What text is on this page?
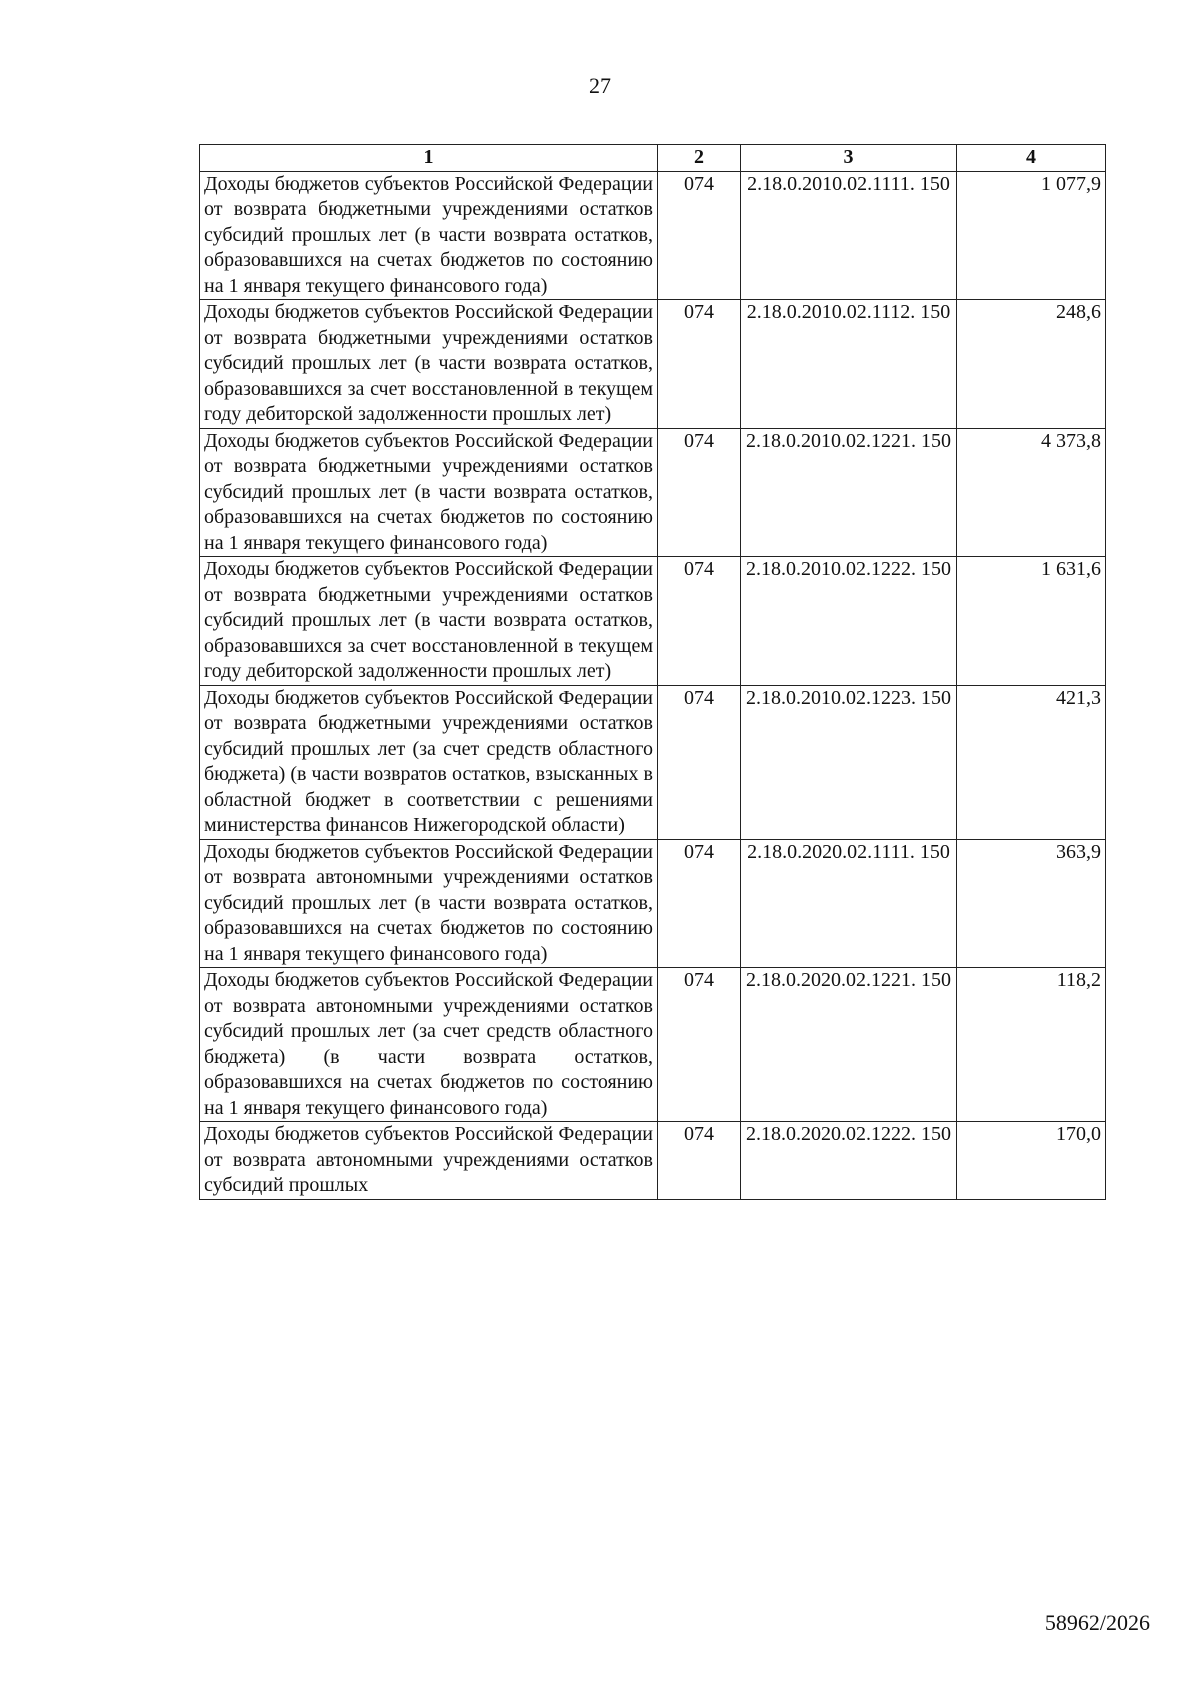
27
1	2	3	4
Доходы бюджетов субъектов Российской Федерации от возврата бюджетными учреждениями остатков субсидий прошлых лет (в части возврата остатков, образовавшихся на счетах бюджетов по состоянию на 1 января текущего финансового года)	074	2.18.0.2010.02.1111. 150	1 077,9
Доходы бюджетов субъектов Российской Федерации от возврата бюджетными учреждениями остатков субсидий прошлых лет (в части возврата остатков, образовавшихся за счет восстановленной в текущем году дебиторской задолженности прошлых лет)	074	2.18.0.2010.02.1112. 150	248,6
Доходы бюджетов субъектов Российской Федерации от возврата бюджетными учреждениями остатков субсидий прошлых лет (в части возврата остатков, образовавшихся на счетах бюджетов по состоянию на 1 января текущего финансового года)	074	2.18.0.2010.02.1221. 150	4 373,8
Доходы бюджетов субъектов Российской Федерации от возврата бюджетными учреждениями остатков субсидий прошлых лет (в части возврата остатков, образовавшихся за счет восстановленной в текущем году дебиторской задолженности прошлых лет)	074	2.18.0.2010.02.1222. 150	1 631,6
Доходы бюджетов субъектов Российской Федерации от возврата бюджетными учреждениями остатков субсидий прошлых лет (за счет средств областного бюджета) (в части возвратов остатков, взысканных в областной бюджет в соответствии с решениями министерства финансов Нижегородской области)	074	2.18.0.2010.02.1223. 150	421,3
Доходы бюджетов субъектов Российской Федерации от возврата автономными учреждениями остатков субсидий прошлых лет (в части возврата остатков, образовавшихся на счетах бюджетов по состоянию на 1 января текущего финансового года)	074	2.18.0.2020.02.1111. 150	363,9
Доходы бюджетов субъектов Российской Федерации от возврата автономными учреждениями остатков субсидий прошлых лет (за счет средств областного бюджета) (в части возврата остатков, образовавшихся на счетах бюджетов по состоянию на 1 января текущего финансового года)	074	2.18.0.2020.02.1221. 150	118,2
Доходы бюджетов субъектов Российской Федерации от возврата автономными учреждениями остатков субсидий прошлых	074	2.18.0.2020.02.1222. 150	170,0
58962/2026
